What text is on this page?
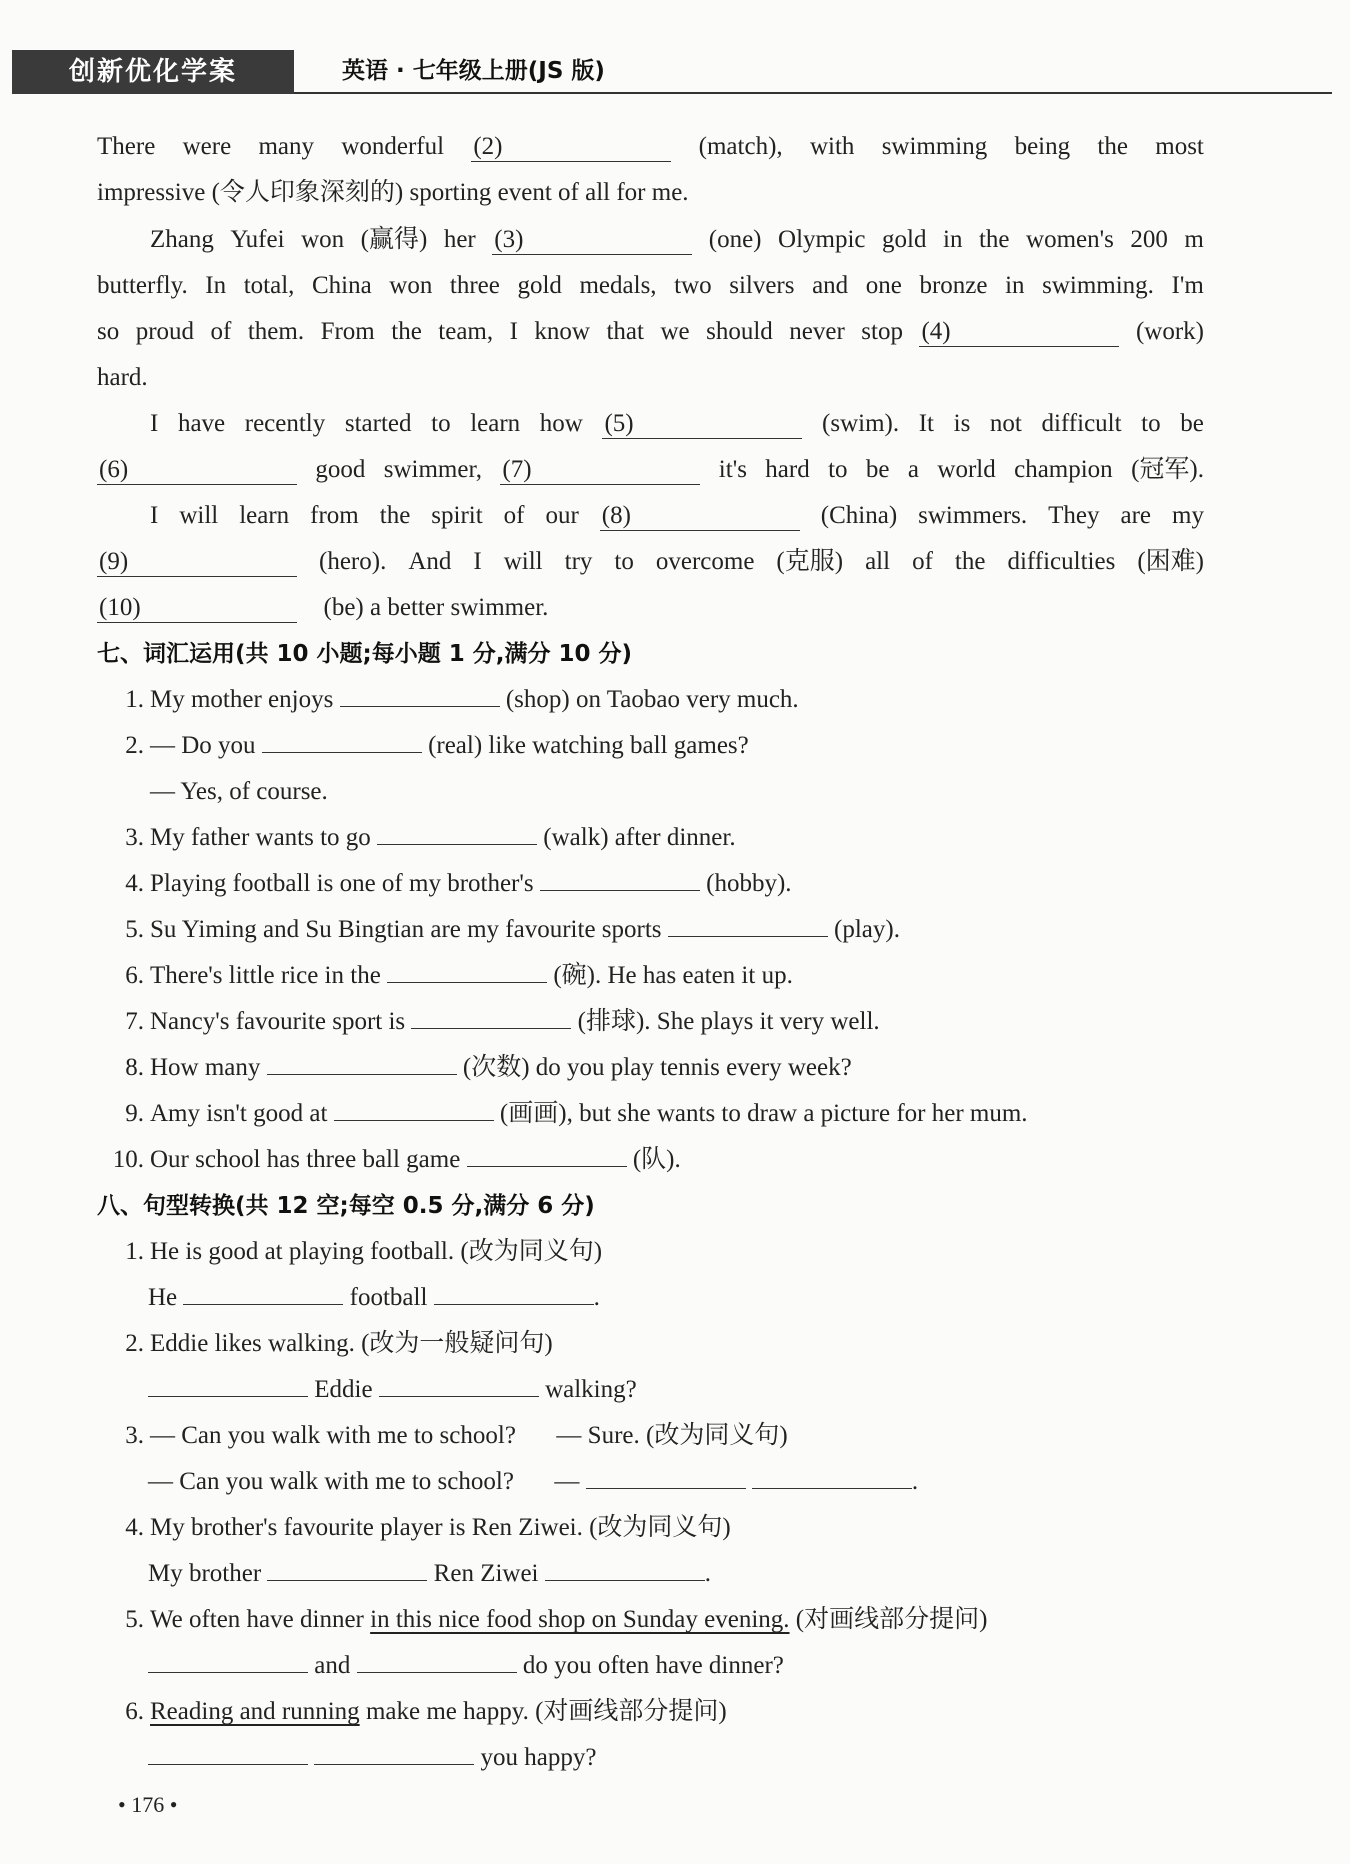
创新优化学案	英语 · 七年级上册(JS 版)
There were many wonderful (2)	(match), with swimming being the most
impressive (令人印象深刻的) sporting event of all for me.
Zhang Yufei won (赢得) her (3)	(one) Olympic gold in the women's 200 m
butterfly. In total, China won three gold medals, two silvers and one bronze in swimming. I'm
so proud of them. From the team, I know that we should never stop (4)	(work)
hard.
I have recently started to learn how (5)	(swim). It is not difficult to be
(6)	good swimmer, (7)	it's hard to be a world champion (冠军).
I will learn from the spirit of our (8)	(China) swimmers. They are my
(9)	(hero). And I will try to overcome (克服) all of the difficulties (困难)
(10)	(be) a better swimmer.
七、词汇运用(共 10 小题;每小题 1 分,满分 10 分)
1. My mother enjoys	(shop) on Taobao very much.
2. — Do you	(real) like watching ball games?
— Yes, of course.
3. My father wants to go	(walk) after dinner.
4. Playing football is one of my brother's	(hobby).
5. Su Yiming and Su Bingtian are my favourite sports	(play).
6. There's little rice in the	(碗). He has eaten it up.
7. Nancy's favourite sport is	(排球). She plays it very well.
8. How many	(次数) do you play tennis every week?
9. Amy isn't good at	(画画), but she wants to draw a picture for her mum.
10. Our school has three ball game	(队).
八、句型转换(共 12 空;每空 0.5 分,满分 6 分)
1. He is good at playing football. (改为同义句)
He	football	.
2. Eddie likes walking. (改为一般疑问句)
Eddie	walking?
3. — Can you walk with me to school? — Sure. (改为同义句)
— Can you walk with me to school? —	.
4. My brother's favourite player is Ren Ziwei. (改为同义句)
My brother	Ren Ziwei	.
5. We often have dinner in this nice food shop on Sunday evening. (对画线部分提问)
and	do you often have dinner?
6. Reading and running make me happy. (对画线部分提问)
you happy?
• 176 •
